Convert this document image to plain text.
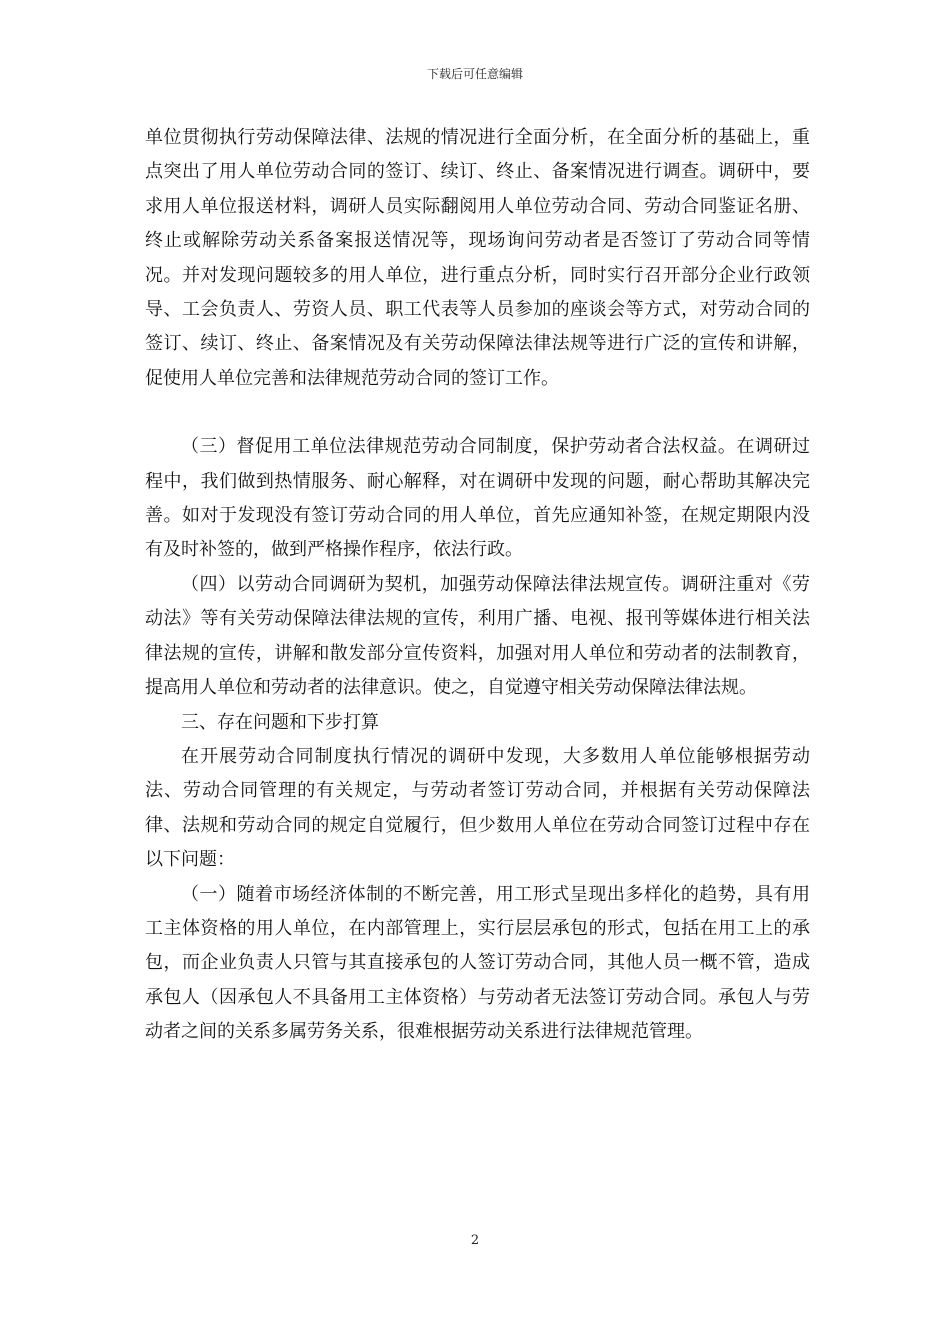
下载后可任意编辑

单位贯彻执行劳动保障法律、法规的情况进行全面分析，在全面分析的基础上，重点突出了用人单位劳动合同的签订、续订、终止、备案情况进行调查。调研中，要求用人单位报送材料，调研人员实际翻阅用人单位劳动合同、劳动合同鉴证名册、终止或解除劳动关系备案报送情况等，现场询问劳动者是否签订了劳动合同等情况。并对发现问题较多的用人单位，进行重点分析，同时实行召开部分企业行政领导、工会负责人、劳资人员、职工代表等人员参加的座谈会等方式，对劳动合同的签订、续订、终止、备案情况及有关劳动保障法律法规等进行广泛的宣传和讲解，促使用人单位完善和法律规范劳动合同的签订工作。

（三）督促用工单位法律规范劳动合同制度，保护劳动者合法权益。在调研过程中，我们做到热情服务、耐心解释，对在调研中发现的问题，耐心帮助其解决完善。如对于发现没有签订劳动合同的用人单位，首先应通知补签，在规定期限内没有及时补签的，做到严格操作程序，依法行政。

（四）以劳动合同调研为契机，加强劳动保障法律法规宣传。调研注重对《劳动法》等有关劳动保障法律法规的宣传，利用广播、电视、报刊等媒体进行相关法律法规的宣传，讲解和散发部分宣传资料，加强对用人单位和劳动者的法制教育，提高用人单位和劳动者的法律意识。使之，自觉遵守相关劳动保障法律法规。

三、存在问题和下步打算

在开展劳动合同制度执行情况的调研中发现，大多数用人单位能够根据劳动法、劳动合同管理的有关规定，与劳动者签订劳动合同，并根据有关劳动保障法律、法规和劳动合同的规定自觉履行，但少数用人单位在劳动合同签订过程中存在以下问题：

（一）随着市场经济体制的不断完善，用工形式呈现出多样化的趋势，具有用工主体资格的用人单位，在内部管理上，实行层层承包的形式，包括在用工上的承包，而企业负责人只管与其直接承包的人签订劳动合同，其他人员一概不管，造成承包人（因承包人不具备用工主体资格）与劳动者无法签订劳动合同。承包人与劳动者之间的关系多属劳务关系，很难根据劳动关系进行法律规范管理。

2
